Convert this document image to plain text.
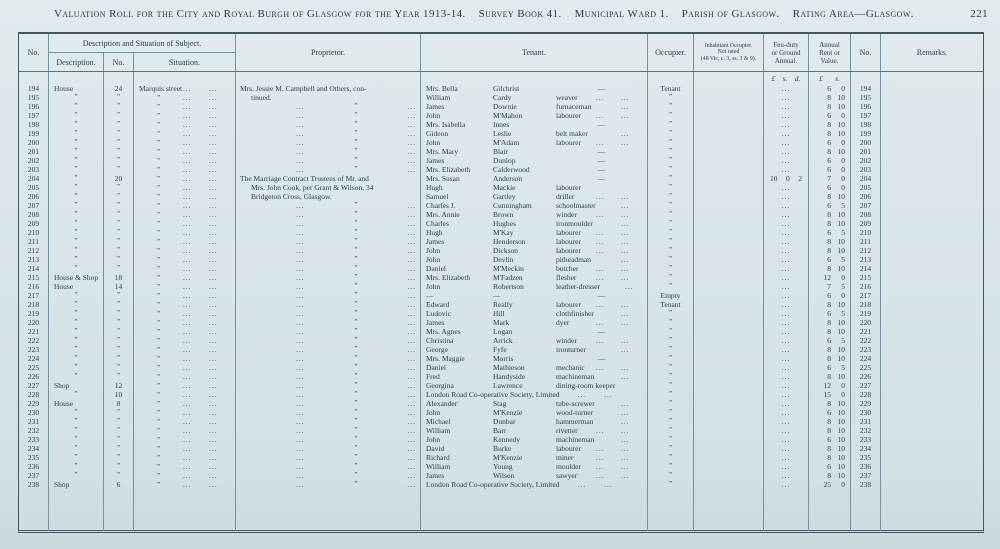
Valuation Roll for the City and Royal Burgh of Glasgow for the Year 1913-14. Survey Book 41. Municipal Ward 1. Parish of Glasgow. Rating Area—Glasgow.	221
No.
Description and Situation of Subject.
Description.	No.	Situation.
Proprietor.	Tenant.	Occupier.
Inhabitant Occupier.
Not rated
(48 Vic, c. 3, ss. 3 & 9).
Feu-duty
or Ground
Annual.
Annual
Rent or
Value.
No.	Remarks.
£ s. d.	£ s.
194	House	24	Marquis street ...	...	Mrs. Jessie M. Campbell and Others, con-	Mrs. Bella	Gilchrist	—	Tenant	...	6	0	194
195	”	”	”	...	...	tinued.	William	Cardy	weaver	...	...	”	...	8 10	195
196	”	”	”	...	...	...	”	...	James	Downie	furnaceman	...	”	...	8 10	196
197	”	”	”	...	...	...	”	...	John	M'Mahon	labourer	...	...	”	...	6	0	197
198	”	”	”	...	...	...	”	...	Mrs. Isabella	Innes	—	”	...	8 10	198
199	”	”	”	...	...	...	”	...	Gideon	Leslie	belt maker	...	”	...	8 10	199
200	”	”	”	...	...	...	”	...	John	M'Adam	labourer	...	...	”	...	6	0	200
201	”	”	”	...	...	...	”	...	Mrs. Mary	Blair	—	”	...	8 10	201
202	”	”	”	...	...	...	”	...	James	Dunlop	—	”	...	6	0	202
203	”	”	”	...	...	...	”	...	Mrs. Elizabeth	Calderwood	—	”	...	6	0	203
204	”	20	”	...	...	The Marriage Contract Trustees of Mr. and	Mrs. Susan	Anderson	—	”	10 0 2	7	0	204
205	”	”	”	...	...	Mrs. John Cook, per Grant & Wilson, 34	Hugh	Mackie	labourer	”	...	6	0	205
206	”	”	”	...	...	Bridgeton Cross, Glasgow.	Samuel	Gartley	driller	...	...	”	...	8 10	206
207	”	”	”	...	...	...	”	...	Charles J.	Cunningham	schoolmaster	...	”	...	6	5	207
208	”	”	”	...	...	...	”	...	Mrs. Annie	Brown	winder	...	...	”	...	8 10	208
209	”	”	”	...	...	...	”	...	Charles	Hughes	ironmoulder	...	”	...	8 10	209
210	”	”	”	...	...	...	”	...	Hugh	M'Kay	labourer	...	...	”	...	6	5	210
211	”	”	”	...	...	...	”	...	James	Henderson	labourer	...	...	”	...	8 10	211
212	”	”	”	...	...	...	”	...	John	Dickson	labourer	...	...	”	...	8 10	212
213	”	”	”	...	...	...	”	...	John	Devlin	pitheadman	...	”	...	6	5	213
214	”	”	”	...	...	...	”	...	Daniel	M'Meckin	butcher	...	...	”	...	8 10	214
215	House & Shop 18	”	...	...	...	”	...	Mrs. Elizabeth	M'Fadzen	flesher	...	...	”	...	12	0	215
216	House	14	”	...	...	...	”	...	John	Robertson	leather-dresser	...	”	...	7	5	216
217	”	”	”	...	...	...	”	...	—	—	—	Empty	...	6	0	217
218	”	”	”	...	...	...	”	...	Edward	Really	labourer	...	...	Tenant	...	8 10	218
219	”	”	”	...	...	...	”	...	Ludovic	Hill	clothfinisher	...	”	...	6	5	219
220	”	”	”	...	...	...	”	...	James	Mark	dyer	...	...	”	...	8 10	220
221	”	”	”	...	...	...	”	...	Mrs. Agnes	Logan	—	”	...	8 10	221
222	”	”	”	...	...	...	”	...	Christina	Arrick	winder	...	...	”	...	6	5	222
223	”	”	”	...	...	...	”	...	George	Fyfe	ironturner	...	”	...	8 10	223
224	”	”	”	...	...	...	”	...	Mrs. Maggie	Morris	—	”	...	8 10	224
225	”	”	”	...	...	...	”	...	Daniel	Mathieson	mechanic	...	...	”	...	6	5	225
226	”	”	”	...	...	...	”	...	Fred	Handyside	machineman	...	”	...	8 10	226
227	Shop	12	”	...	...	...	”	...	Georgina	Lawrence	dining-room keeper	”	...	12	0	227
228	”	10	”	...	...	...	”	...	London Road Co-operative Society, Limited ... ...	”	...	15	0	228
229	House	8	”	...	...	...	”	...	Alexander	Stag	tube-screwer	...	”	...	8 10	229
230	”	”	”	...	...	...	”	...	John	M'Kenzie	wood-turner	...	”	...	6 10	230
231	”	”	”	...	...	...	”	...	Michael	Dunbar	hammerman	...	”	...	8 10	231
232	”	”	”	...	...	...	”	...	William	Barr	rivetter	...	...	”	...	8 10	232
233	”	”	”	...	...	...	”	...	John	Kennedy	machineman	...	”	...	6 10	233
234	”	”	”	...	...	...	”	...	David	Burke	labourer	...	...	”	...	8 10	234
235	”	”	”	...	...	...	”	...	Richard	M'Kenzie	miner	...	...	”	...	8 10	235
236	”	”	”	...	...	...	”	...	William	Young	moulder	...	...	”	...	6 10	236
237	”	”	”	...	...	...	”	...	James	Wilson	sawyer	...	...	”	...	8 10	237
238	Shop	6	”	...	...	...	”	...	London Road Co-operative Society, Limited ... ...	”	...	25	0	238
